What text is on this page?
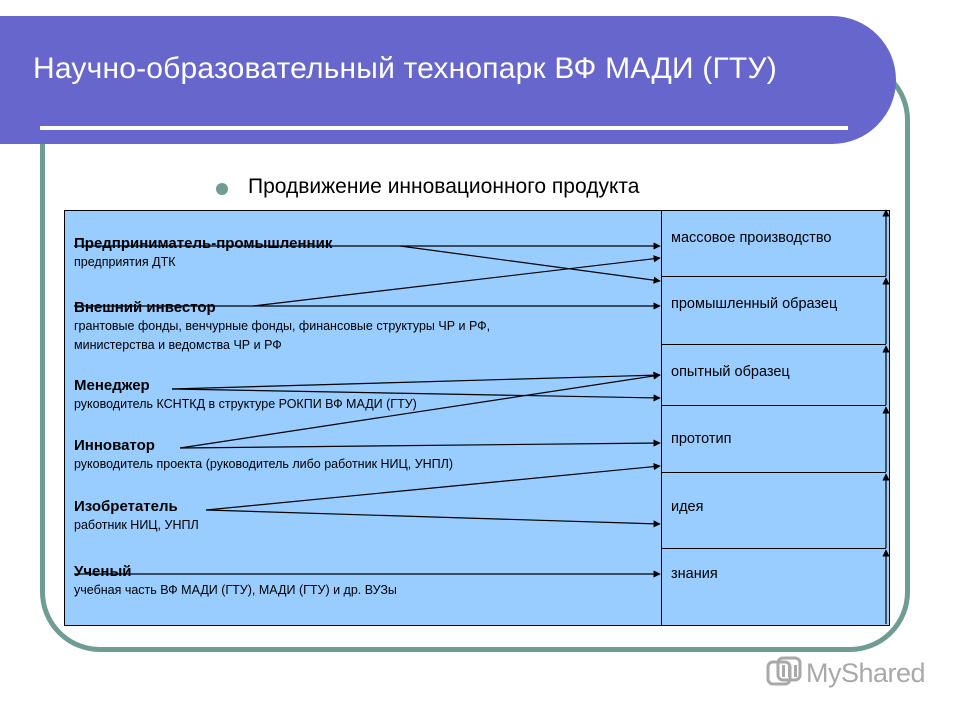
Научно-образовательный технопарк ВФ МАДИ (ГТУ)
Продвижение инновационного продукта
Предприниматель-промышленник
предприятия ДТК
Внешний инвестор
грантовые фонды, венчурные фонды, финансовые структуры ЧР и РФ,
министерства и ведомства ЧР и РФ
Менеджер
руководитель КСНТКД в структуре РОКПИ ВФ МАДИ (ГТУ)
Инноватор
руководитель проекта (руководитель либо работник НИЦ, УНПЛ)
Изобретатель
работник НИЦ, УНПЛ
Ученый
учебная часть ВФ МАДИ (ГТУ), МАДИ (ГТУ) и др. ВУЗы
массовое производство
промышленный образец
опытный образец
прототип
идея
знания
MyShared
